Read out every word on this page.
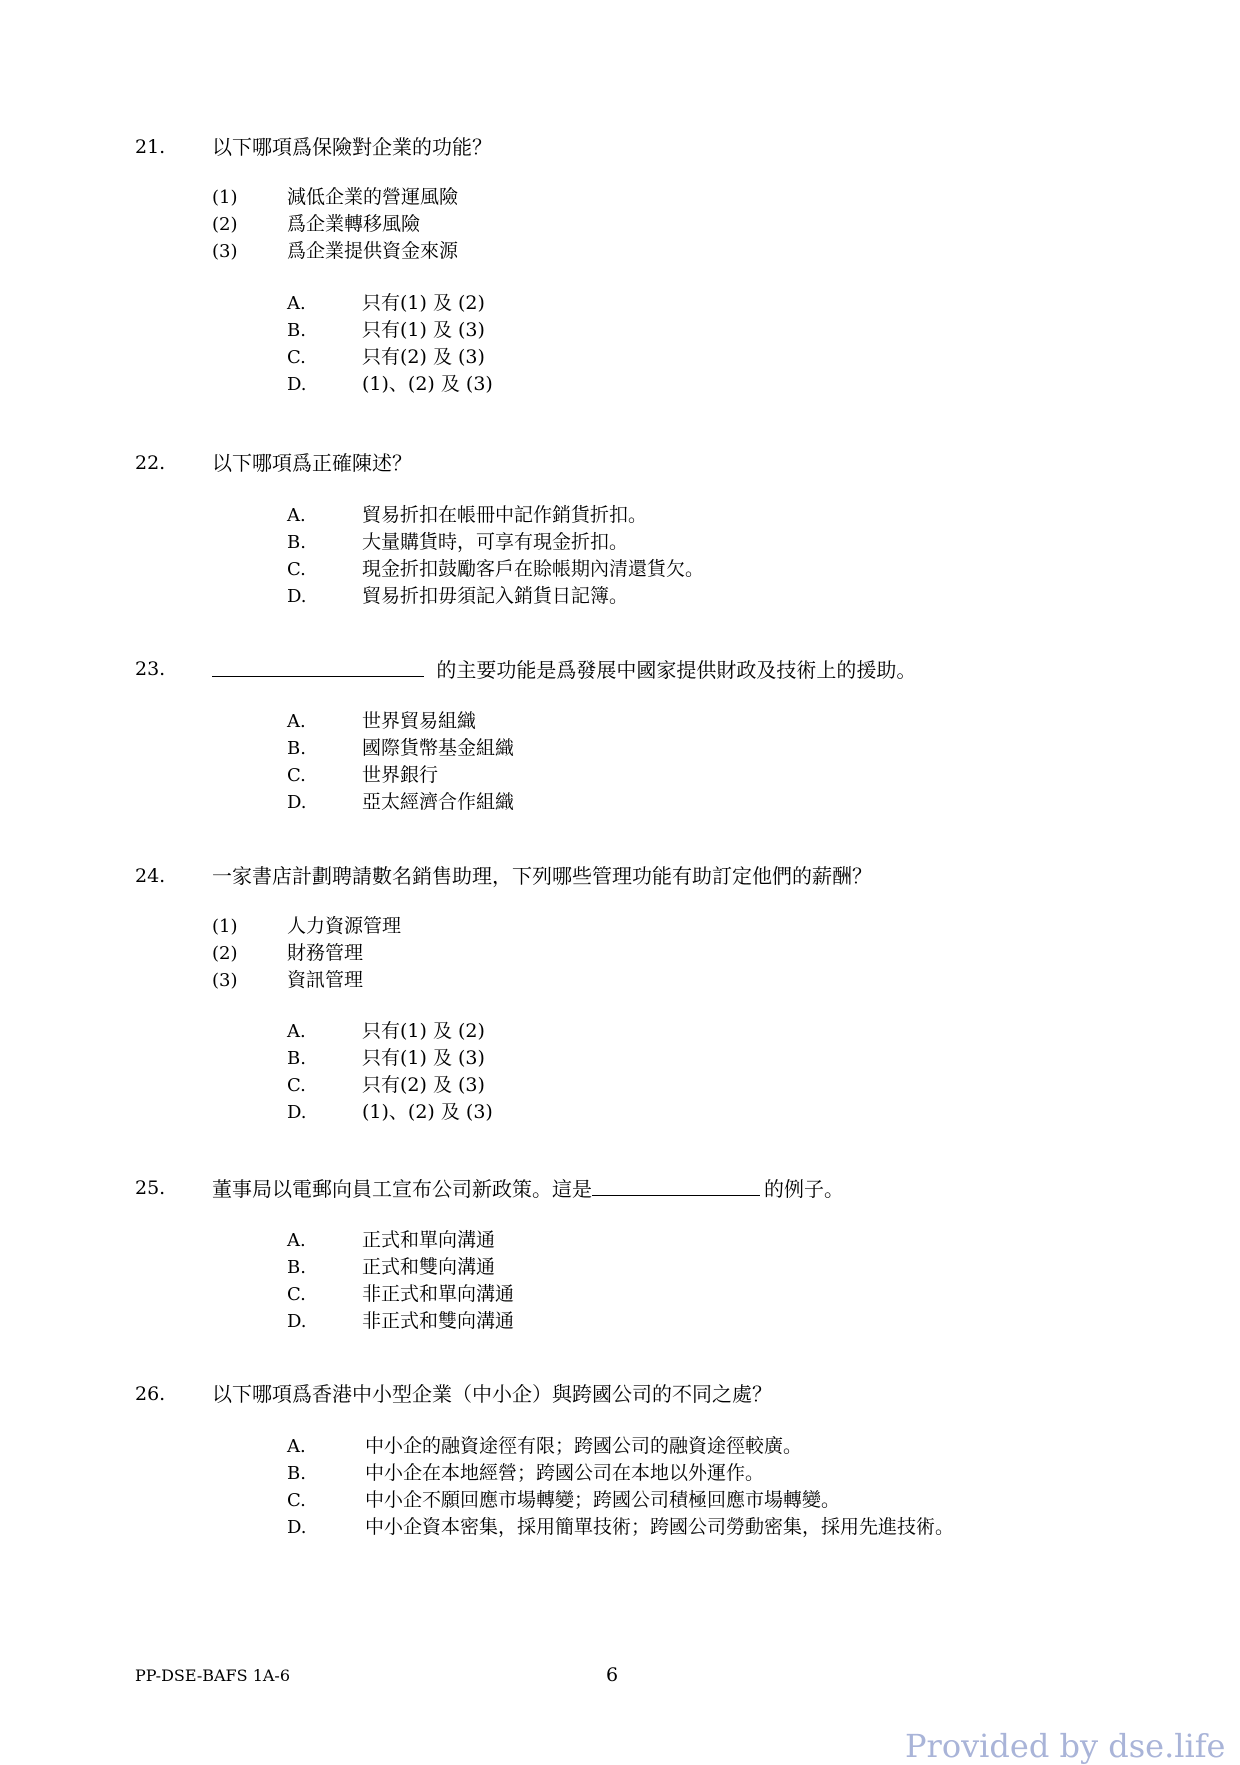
21. 以下哪項爲保險對企業的功能？
(1)	減低企業的營運風險
(2)	爲企業轉移風險
(3)	爲企業提供資金來源
A.	只有(1) 及 (2)
B.	只有(1) 及 (3)
C.	只有(2) 及 (3)
D.	(1)、(2) 及 (3)
22. 以下哪項爲正確陳述？
A.	貿易折扣在帳冊中記作銷貨折扣。
B.	大量購貨時，可享有現金折扣。
C.	現金折扣鼓勵客戶在賒帳期內清還貨欠。
D.	貿易折扣毋須記入銷貨日記簿。
23.	的主要功能是爲發展中國家提供財政及技術上的援助。
A.	世界貿易組織
B.	國際貨幣基金組織
C.	世界銀行
D.	亞太經濟合作組織
24. 一家書店計劃聘請數名銷售助理，下列哪些管理功能有助訂定他們的薪酬？
(1)	人力資源管理
(2)	財務管理
(3)	資訊管理
A.	只有(1) 及 (2)
B.	只有(1) 及 (3)
C.	只有(2) 及 (3)
D.	(1)、(2) 及 (3)
25. 董事局以電郵向員工宣布公司新政策。這是	的例子。
A.	正式和單向溝通
B.	正式和雙向溝通
C.	非正式和單向溝通
D.	非正式和雙向溝通
26. 以下哪項爲香港中小型企業（中小企）與跨國公司的不同之處？
A.	中小企的融資途徑有限；跨國公司的融資途徑較廣。
B.	中小企在本地經營；跨國公司在本地以外運作。
C.	中小企不願回應市場轉變；跨國公司積極回應市場轉變。
D.	中小企資本密集，採用簡單技術；跨國公司勞動密集，採用先進技術。
PP-DSE-BAFS 1A-6	6
Provided by dse.life
